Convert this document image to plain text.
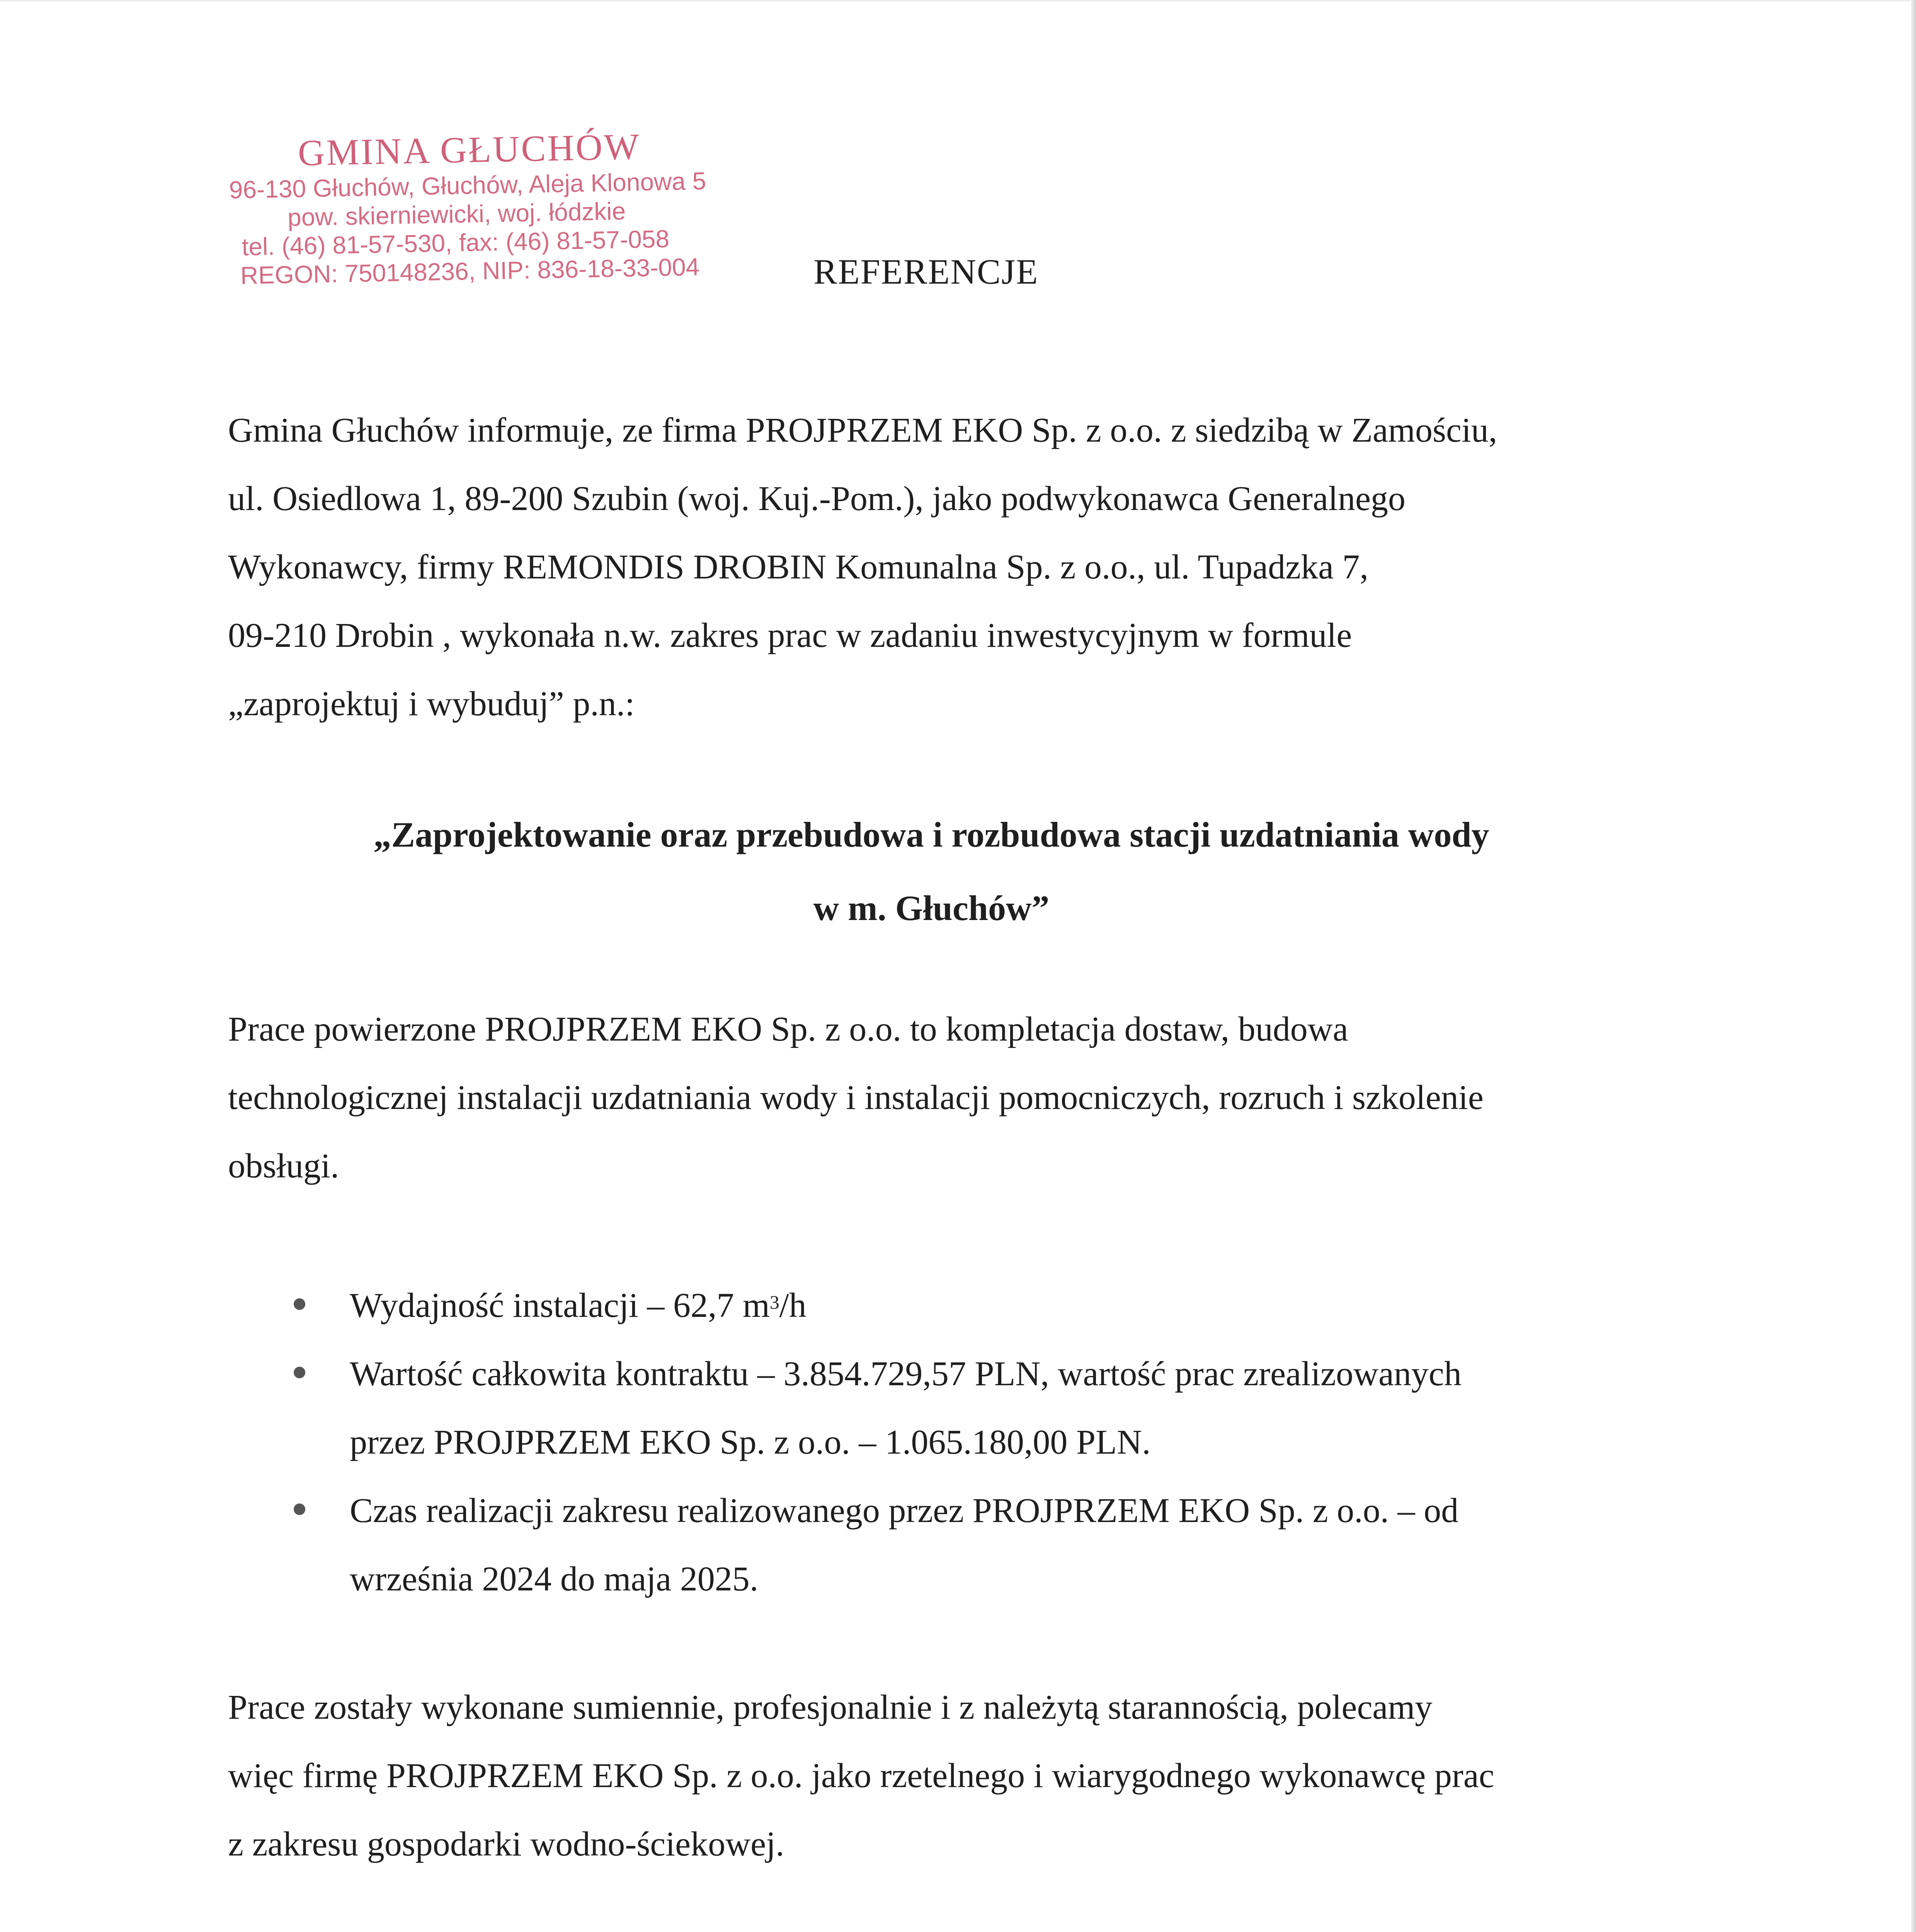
GMINA GŁUCHÓW
96-130 Głuchów, Głuchów, Aleja Klonowa 5
pow. skierniewicki, woj. łódzkie
tel. (46) 81-57-530, fax: (46) 81-57-058
REGON: 750148236, NIP: 836-18-33-004	REFERENCJE

Gmina Głuchów informuje, ze firma PROJPRZEM EKO Sp. z o.o. z siedzibą w Zamościu,
ul. Osiedlowa 1, 89-200 Szubin (woj. Kuj.-Pom.), jako podwykonawca Generalnego
Wykonawcy, firmy REMONDIS DROBIN Komunalna Sp. z o.o., ul. Tupadzka 7,
09-210 Drobin , wykonała n.w. zakres prac w zadaniu inwestycyjnym w formule
„zaprojektuj i wybuduj” p.n.:

„Zaprojektowanie oraz przebudowa i rozbudowa stacji uzdatniania wody
w m. Głuchów”

Prace powierzone PROJPRZEM EKO Sp. z o.o. to kompletacja dostaw, budowa
technologicznej instalacji uzdatniania wody i instalacji pomocniczych, rozruch i szkolenie
obsługi.

Wydajność instalacji – 62,7 $m^3/h$
Wartość całkowita kontraktu – 3.854.729,57 PLN, wartość prac zrealizowanych
przez PROJPRZEM EKO Sp. z o.o. – 1.065.180,00 PLN.
Czas realizacji zakresu realizowanego przez PROJPRZEM EKO Sp. z o.o. – od
września 2024 do maja 2025.

Prace zostały wykonane sumiennie, profesjonalnie i z należytą starannością, polecamy
więc firmę PROJPRZEM EKO Sp. z o.o. jako rzetelnego i wiarygodnego wykonawcę prac
z zakresu gospodarki wodno-ściekowej.
